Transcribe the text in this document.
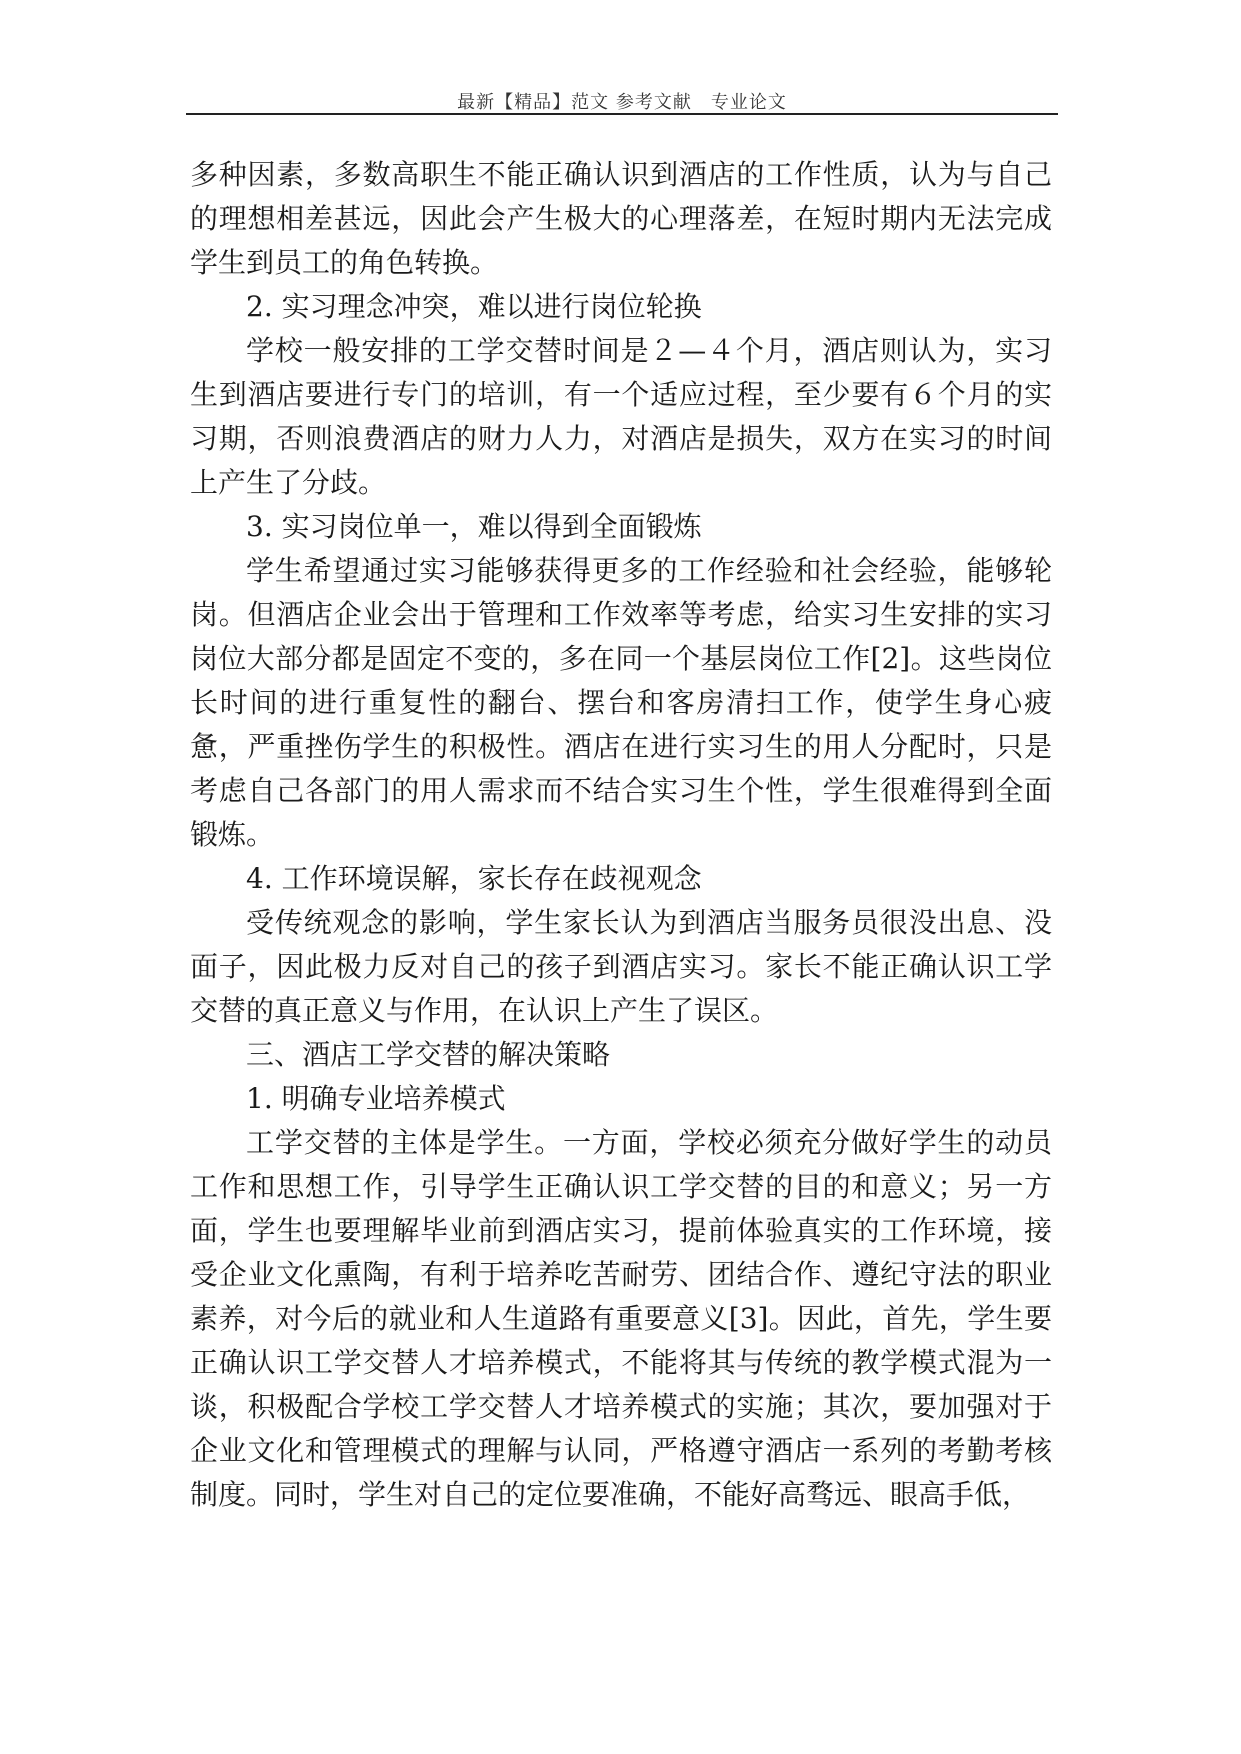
最新【精品】范文 参考文献　专业论文

多种因素，多数高职生不能正确认识到酒店的工作性质，认为与自己的理想相差甚远，因此会产生极大的心理落差，在短时期内无法完成学生到员工的角色转换。

2. 实习理念冲突，难以进行岗位轮换

学校一般安排的工学交替时间是２—４个月，酒店则认为，实习生到酒店要进行专门的培训，有一个适应过程，至少要有６个月的实习期，否则浪费酒店的财力人力，对酒店是损失，双方在实习的时间上产生了分歧。

3. 实习岗位单一，难以得到全面锻炼

学生希望通过实习能够获得更多的工作经验和社会经验，能够轮岗。但酒店企业会出于管理和工作效率等考虑，给实习生安排的实习岗位大部分都是固定不变的，多在同一个基层岗位工作[2]。这些岗位长时间的进行重复性的翻台、摆台和客房清扫工作，使学生身心疲惫，严重挫伤学生的积极性。酒店在进行实习生的用人分配时，只是考虑自己各部门的用人需求而不结合实习生个性，学生很难得到全面锻炼。

4. 工作环境误解，家长存在歧视观念

受传统观念的影响，学生家长认为到酒店当服务员很没出息、没面子，因此极力反对自己的孩子到酒店实习。家长不能正确认识工学交替的真正意义与作用，在认识上产生了误区。

三、酒店工学交替的解决策略

1. 明确专业培养模式

工学交替的主体是学生。一方面，学校必须充分做好学生的动员工作和思想工作，引导学生正确认识工学交替的目的和意义；另一方面，学生也要理解毕业前到酒店实习，提前体验真实的工作环境，接受企业文化熏陶，有利于培养吃苦耐劳、团结合作、遵纪守法的职业素养，对今后的就业和人生道路有重要意义[3]。因此，首先，学生要正确认识工学交替人才培养模式，不能将其与传统的教学模式混为一谈，积极配合学校工学交替人才培养模式的实施；其次，要加强对于企业文化和管理模式的理解与认同，严格遵守酒店一系列的考勤考核制度。同时，学生对自己的定位要准确，不能好高骛远、眼高手低，
